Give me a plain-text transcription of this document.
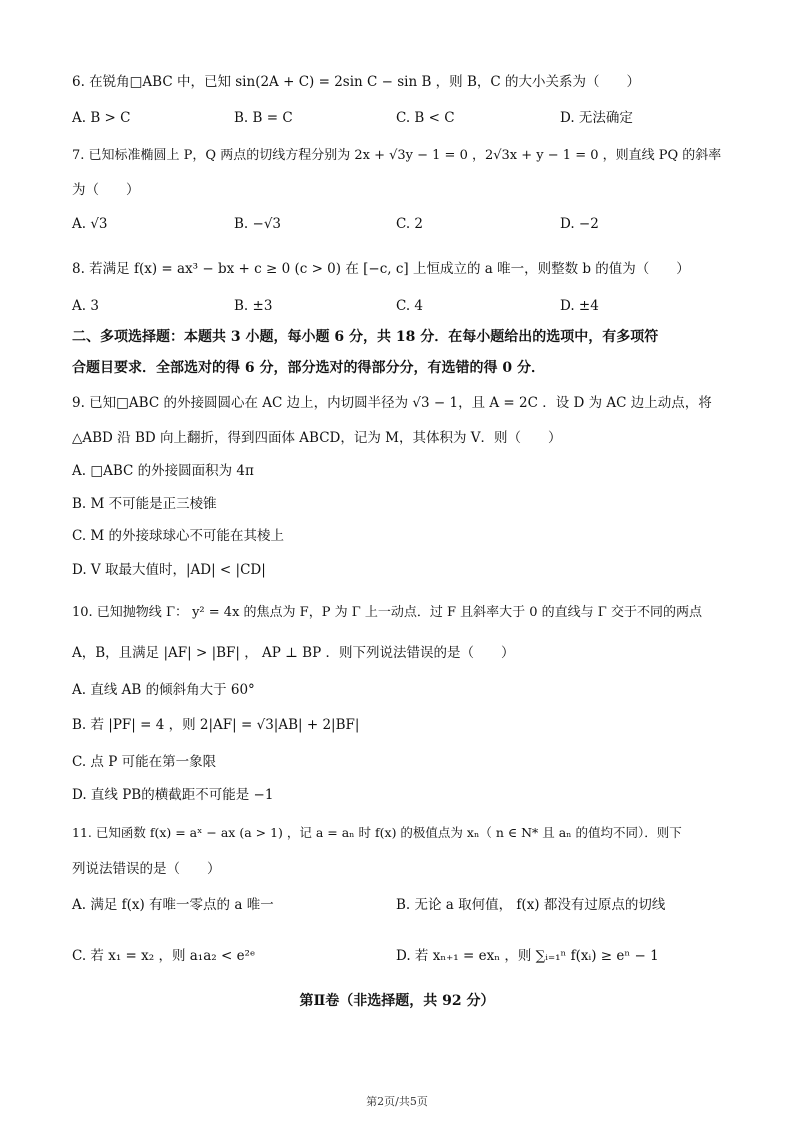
6. 在锐角□ABC 中，已知 sin(2A + C) = 2sin C − sin B ，则 B，C 的大小关系为（　　）
A. B > C	B. B = C	C. B < C	D. 无法确定
7. 已知标准椭圆上 P，Q 两点的切线方程分别为 2x + √3y − 1 = 0 ，2√3x + y − 1 = 0 ，则直线 PQ 的斜率
为（　　）
A. √3	B. −√3	C. 2	D. −2
8. 若满足 f(x) = ax³ − bx + c ≥ 0 (c > 0) 在 [−c, c] 上恒成立的 a 唯一，则整数 b 的值为（　　）
A. 3	B. ±3	C. 4	D. ±4
二、多项选择题：本题共 3 小题，每小题 6 分，共 18 分．在每小题给出的选项中，有多项符
合题目要求．全部选对的得 6 分，部分选对的得部分分，有选错的得 0 分．
9. 已知□ABC 的外接圆圆心在 AC 边上，内切圆半径为 √3 − 1，且 A = 2C ．设 D 为 AC 边上动点，将
△ABD 沿 BD 向上翻折，得到四面体 ABCD，记为 M，其体积为 V．则（　　）
A. □ABC 的外接圆面积为 4π
B. M 不可能是正三棱锥
C. M 的外接球球心不可能在其棱上
D. V 取最大值时，|AD| < |CD|
10. 已知抛物线 Γ： y² = 4x 的焦点为 F，P 为 Γ 上一动点．过 F 且斜率大于 0 的直线与 Γ 交于不同的两点
A，B，且满足 |AF| > |BF| ， AP ⊥ BP ．则下列说法错误的是（　　）
A. 直线 AB 的倾斜角大于 60°
B. 若 |PF| = 4 ，则 2|AF| = √3|AB| + 2|BF|
C. 点 P 可能在第一象限
D. 直线 PB的横截距不可能是 −1
11. 已知函数 f(x) = aˣ − ax (a > 1) ，记 a = aₙ 时 f(x) 的极值点为 xₙ（ n ∈ N* 且 aₙ 的值均不同）．则下
列说法错误的是（　　）
A. 满足 f(x) 有唯一零点的 a 唯一	B. 无论 a 取何值， f(x) 都没有过原点的切线
C. 若 x₁ = x₂ ，则 a₁a₂ < e²ᵉ	D. 若 xₙ₊₁ = exₙ ，则 ∑ᵢ₌₁ⁿ f(xᵢ) ≥ eⁿ − 1
第Ⅱ卷（非选择题，共 92 分）
第2页/共5页
